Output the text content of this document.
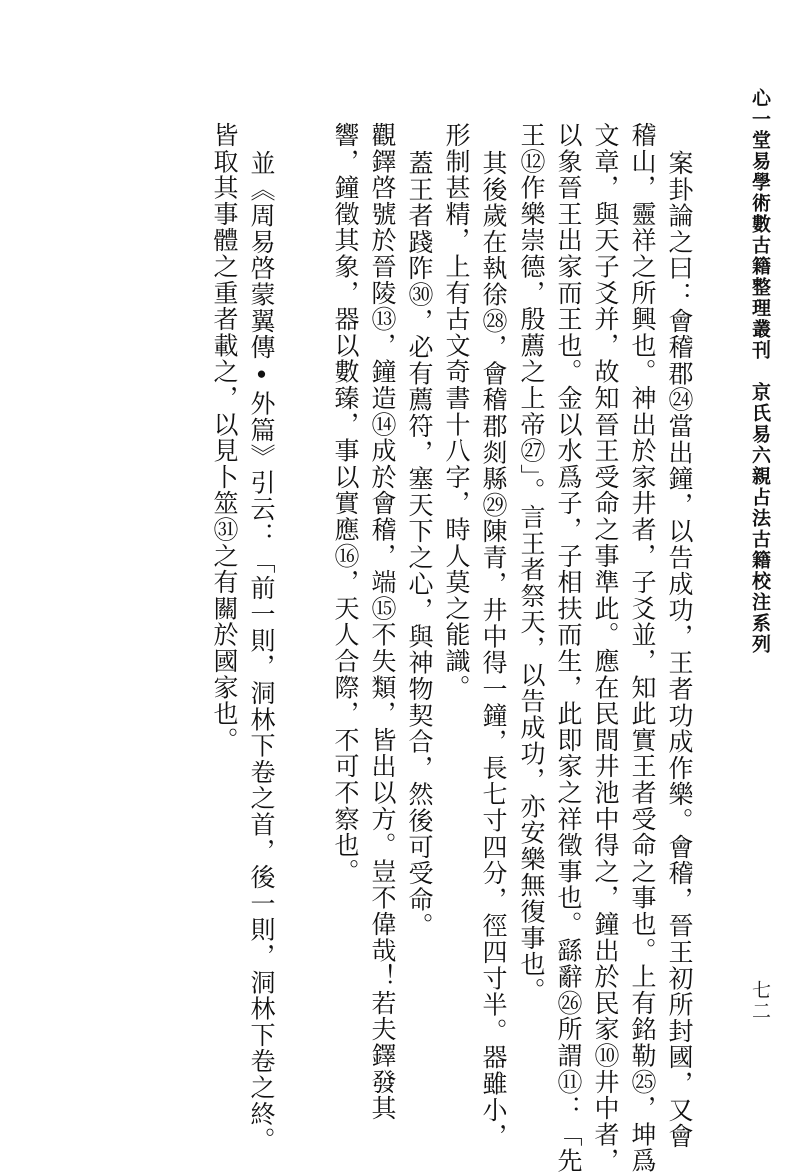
心一堂易學術數古籍整理叢刊　京氏易六親占法古籍校注系列
七二

案卦論之曰：會稽郡㉔當出鐘，以告成功，王者功成作樂。會稽，晉王初所封國，又會

稽山，靈祥之所興也。神出於家井者，子爻並，知此實王者受命之事也。上有銘勒㉕，坤爲

文章，與天子爻并，故知晉王受命之事準此。應在民間井池中得之，鐘出於民家⑩井中者，

以象晉王出家而王也。金以水爲子，子相扶而生，此即家之祥徵事也。繇辭㉖所謂⑪：「先

王⑫作樂崇德，殷薦之上帝㉗」。言王者祭天，以告成功，亦安樂無復事也。

其後歲在執徐㉘，會稽郡剡縣㉙陳青，井中得一鐘，長七寸四分，徑四寸半。器雖小，

形制甚精，上有古文奇書十八字，時人莫之能識。

蓋王者踐阼㉚，必有薦符，塞天下之心，與神物契合，然後可受命。

觀鐸啓號於晉陵⑬，鐘造⑭成於會稽，端⑮不失類，皆出以方。豈不偉哉！若夫鐸發其

響，鐘徵其象，器以數臻，事以實應⑯，天人合際，不可不察也。

並《周易啓蒙翼傳•外篇》引云：「前一則，洞林下卷之首，後一則，洞林下卷之終。

皆取其事體之重者載之，以見卜筮㉛之有關於國家也。
